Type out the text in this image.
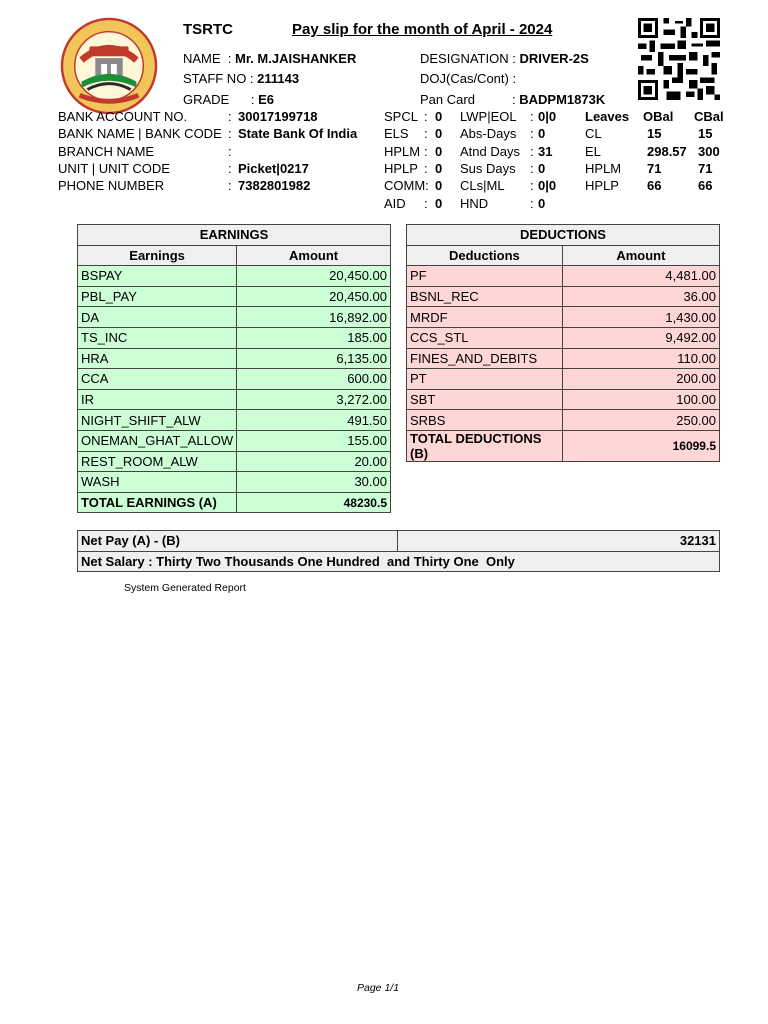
TSRTC	Pay slip for the month of April - 2024
NAME  : Mr. M.JAISHANKER
STAFF NO : 211143
GRADE      : E6
DESIGNATION : DRIVER-2S
DOJ(Cas/Cont) :
Pan Card	: BADPM1873K
BANK ACCOUNT NO.	: 30017199718
BANK NAME | BANK CODE : State Bank Of India
BRANCH NAME	:
UNIT | UNIT CODE	: Picket|0217
PHONE NUMBER	: 7382801982
SPCL : 0
ELS : 0
HPLM : 0
HPLP : 0
COMM: 0
AID : 0
LWP|EOL : 0|0
Abs-Days : 0
Atnd Days : 31
Sus Days : 0
CLs|ML : 0|0
HND	: 0
Leaves OBal CBal
CL	15	15
EL	298.57 300
HPLM 71	71
HPLP 66	66
EARNINGS	
Earnings	Amount
BSPAY	20,450.00
PBL_PAY	20,450.00
DA	16,892.00
TS_INC	185.00
HRA	6,135.00
CCA	600.00
IR	3,272.00
NIGHT_SHIFT_ALW	491.50
ONEMAN_GHAT_ALLOW	155.00
REST_ROOM_ALW	20.00
WASH	30.00
TOTAL EARNINGS (A)	48230.5
DEDUCTIONS	
Deductions	Amount
PF	4,481.00
BSNL_REC	36.00
MRDF	1,430.00
CCS_STL	9,492.00
FINES_AND_DEBITS	110.00
PT	200.00
SBT	100.00
SRBS	250.00
TOTAL DEDUCTIONS (B)	16099.5
Net Pay (A) - (B)	32131
Net Salary : Thirty Two Thousands One Hundred  and Thirty One  Only
System Generated Report
Page 1/1
